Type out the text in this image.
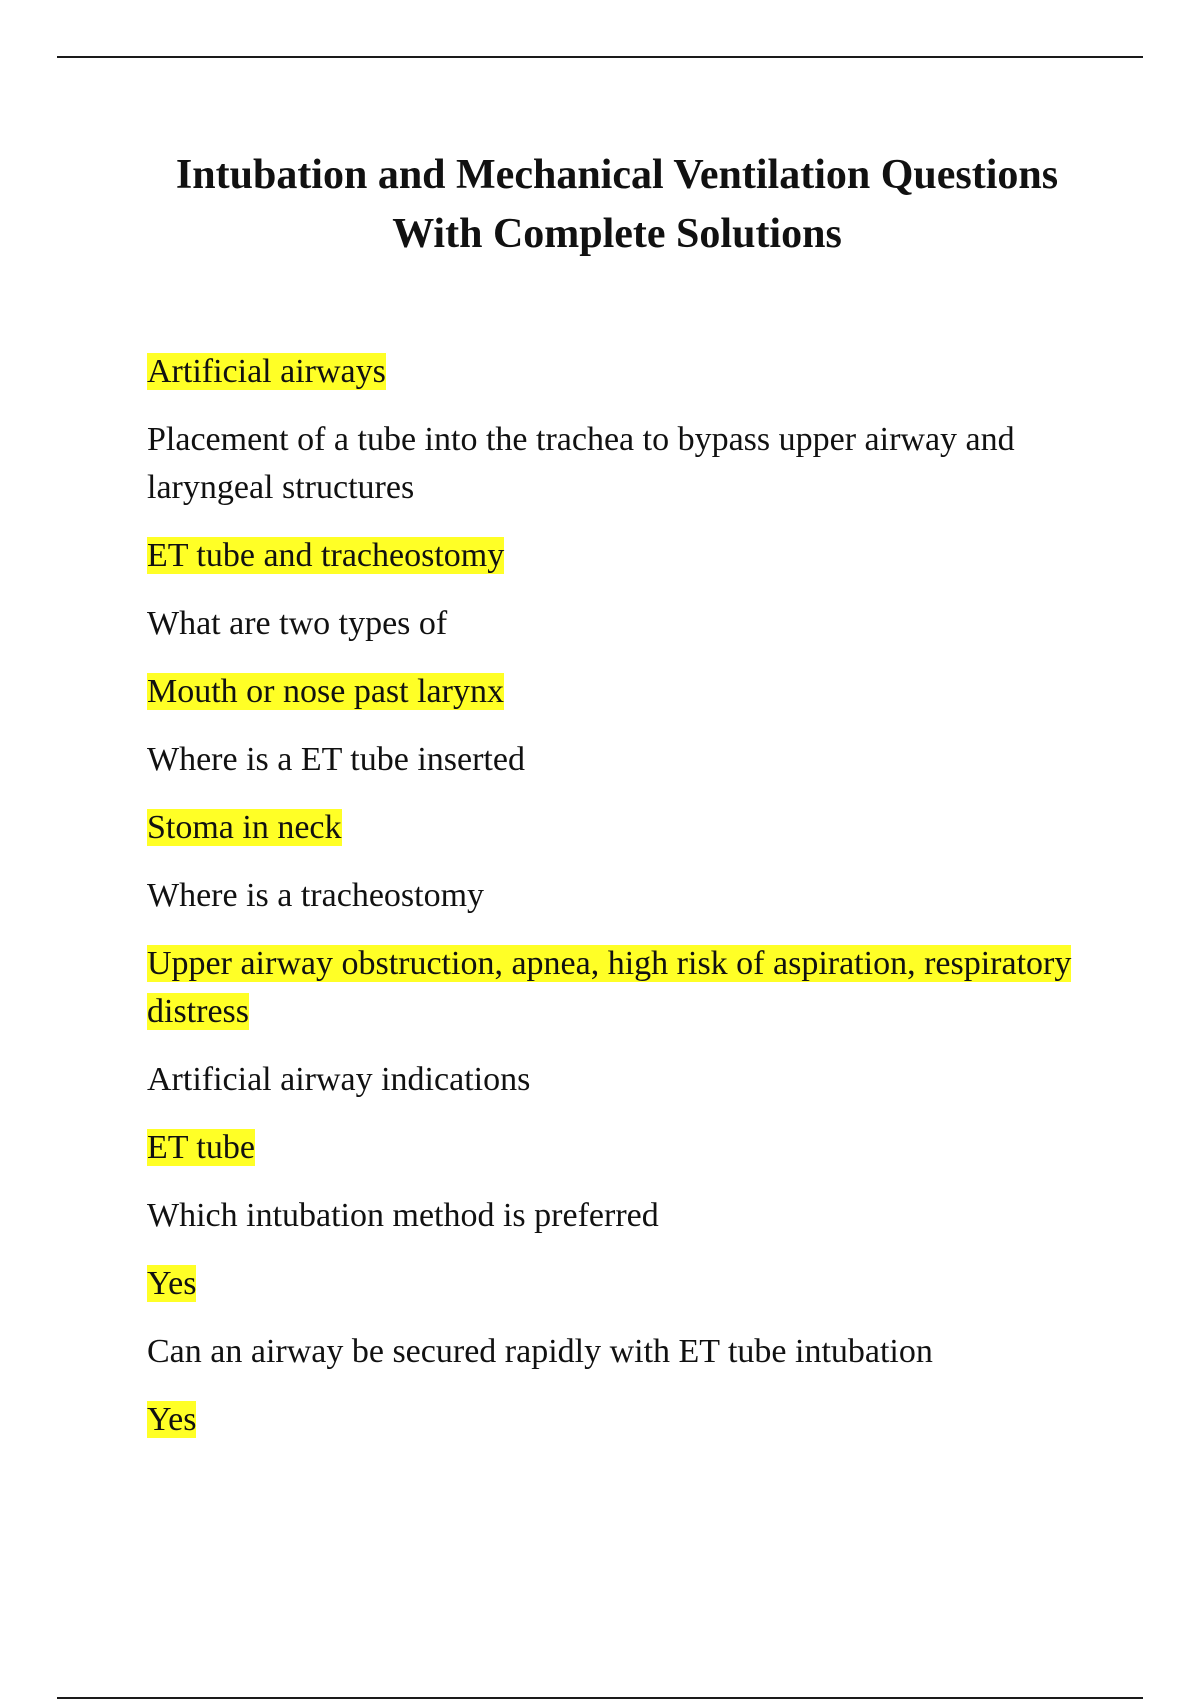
Intubation and Mechanical Ventilation Questions
With Complete Solutions

Artificial airways

Placement of a tube into the trachea to bypass upper airway and laryngeal structures

ET tube and tracheostomy

What are two types of

Mouth or nose past larynx

Where is a ET tube inserted

Stoma in neck

Where is a tracheostomy

Upper airway obstruction, apnea, high risk of aspiration, respiratory distress

Artificial airway indications

ET tube

Which intubation method is preferred

Yes

Can an airway be secured rapidly with ET tube intubation

Yes
